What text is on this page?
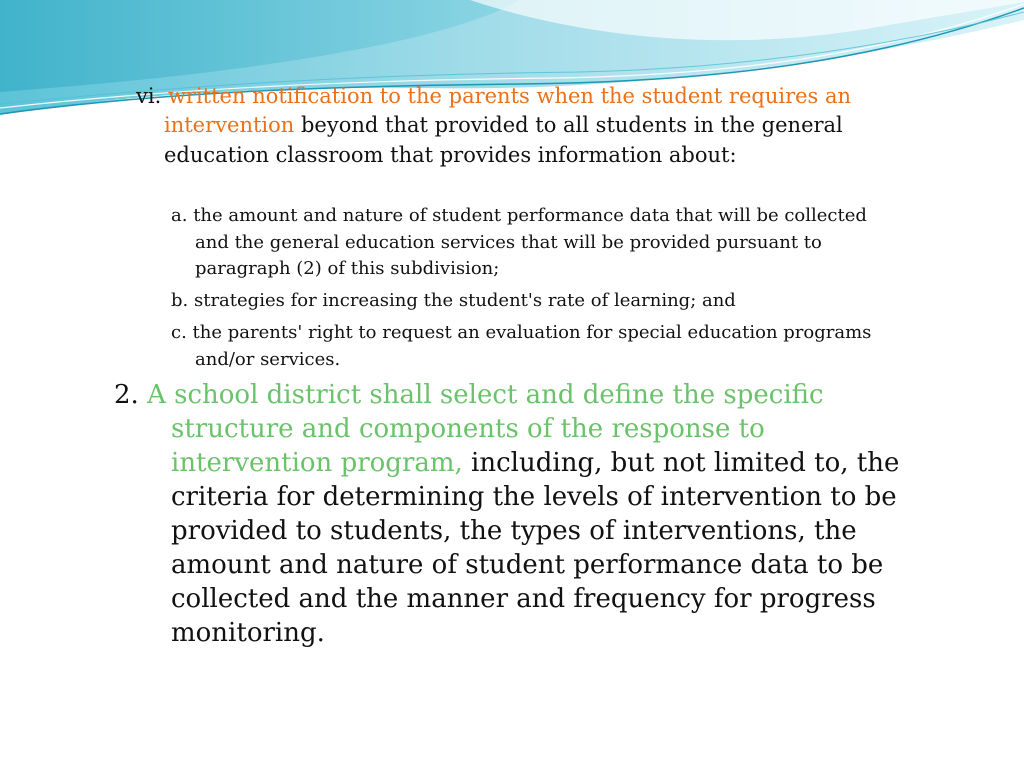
vi. written notification to the parents when the student requires an intervention beyond that provided to all students in the general education classroom that provides information about:

a. the amount and nature of student performance data that will be collected and the general education services that will be provided pursuant to paragraph (2) of this subdivision;

b. strategies for increasing the student's rate of learning; and

c. the parents' right to request an evaluation for special education programs and/or services.

2. A school district shall select and define the specific structure and components of the response to intervention program, including, but not limited to, the criteria for determining the levels of intervention to be provided to students, the types of interventions, the amount and nature of student performance data to be collected and the manner and frequency for progress monitoring.
